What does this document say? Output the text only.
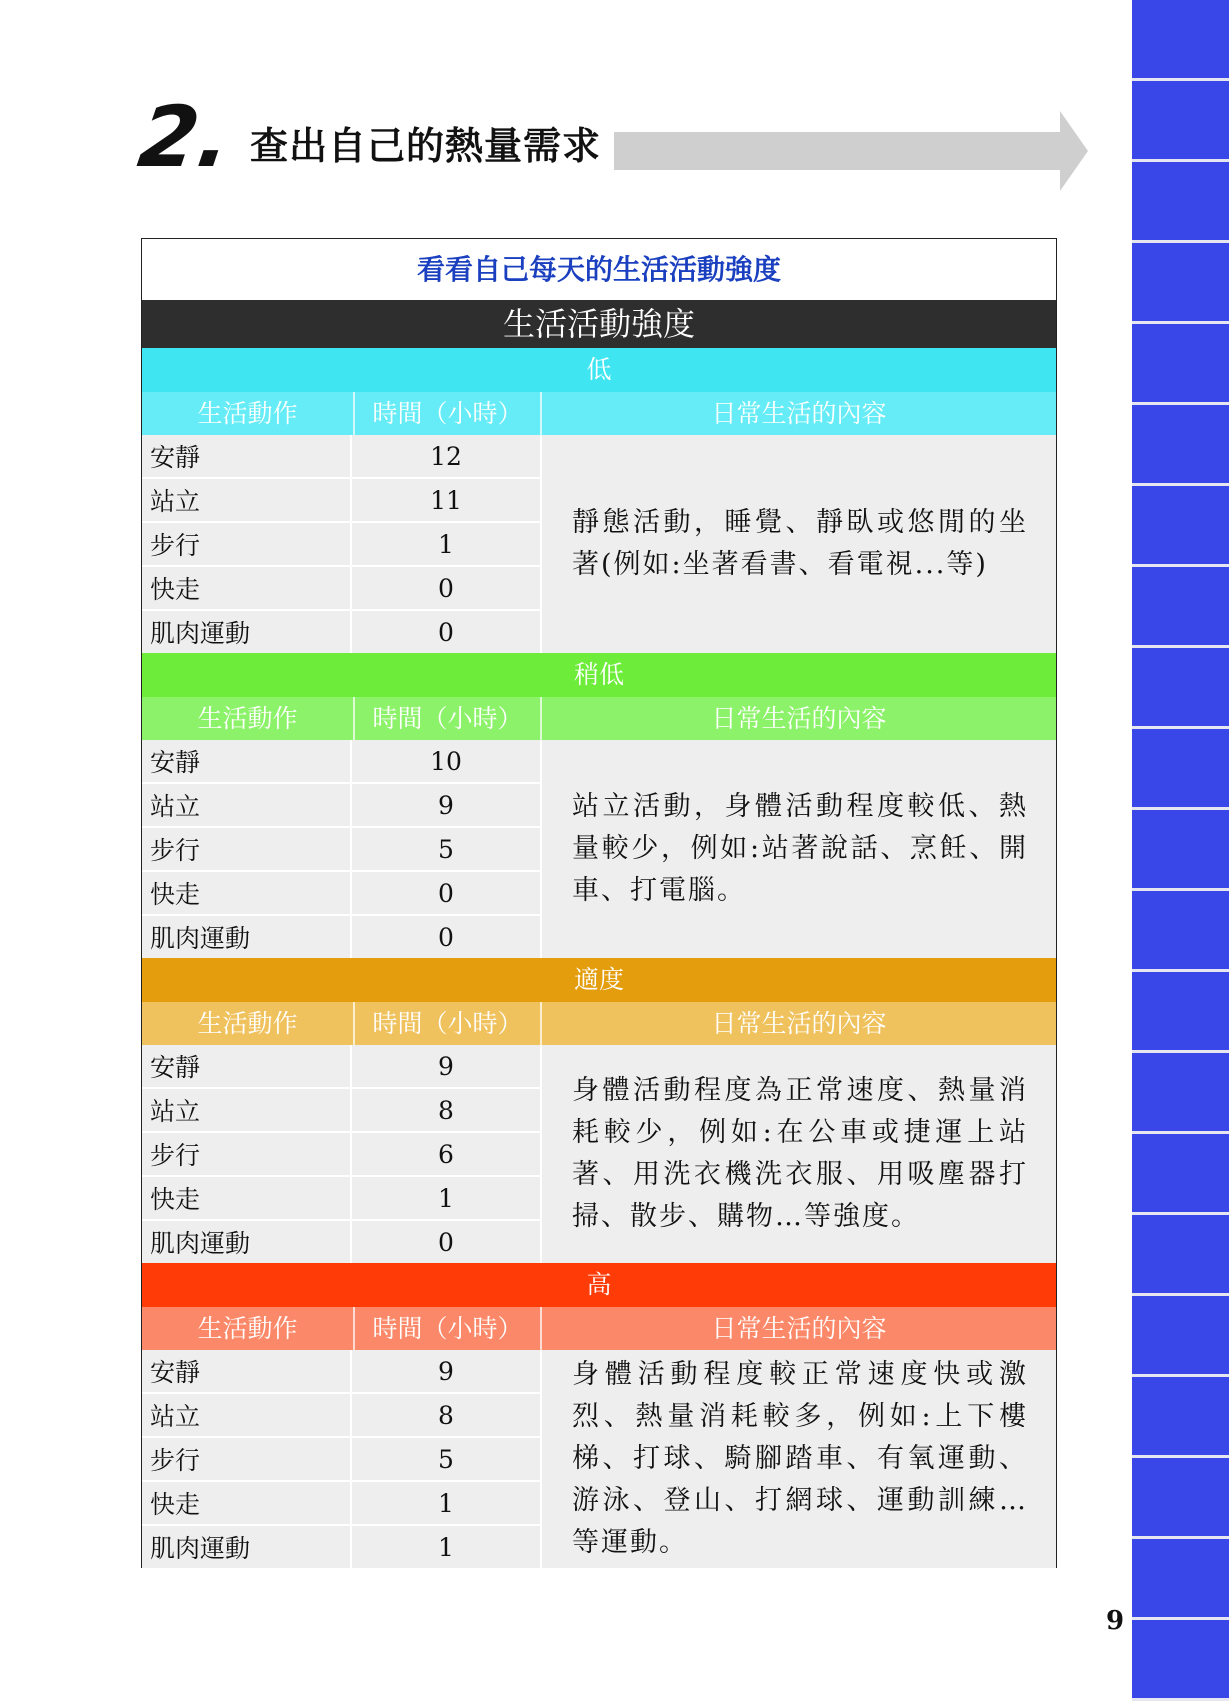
2. 查出自己的熱量需求
看看自己每天的生活活動強度
生活活動強度
低
生活動作	時間（小時）	日常生活的內容
安靜	12
站立	11
步行	1
快走	0
肌肉運動	0
靜態活動，睡覺、靜臥或悠閒的坐著(例如:坐著看書、看電視...等)
稍低
生活動作	時間（小時）	日常生活的內容
安靜	10
站立	9
步行	5
快走	0
肌肉運動	0
站立活動，身體活動程度較低、熱量較少，例如:站著說話、烹飪、開車、打電腦。
適度
生活動作	時間（小時）	日常生活的內容
安靜	9
站立	8
步行	6
快走	1
肌肉運動	0
身體活動程度為正常速度、熱量消耗較少，例如:在公車或捷運上站著、用洗衣機洗衣服、用吸塵器打掃、散步、購物…等強度。
高
生活動作	時間（小時）	日常生活的內容
安靜	9
站立	8
步行	5
快走	1
肌肉運動	1
身體活動程度較正常速度快或激烈、熱量消耗較多，例如:上下樓梯、打球、騎腳踏車、有氧運動、游泳、登山、打網球、運動訓練…等運動。
9
